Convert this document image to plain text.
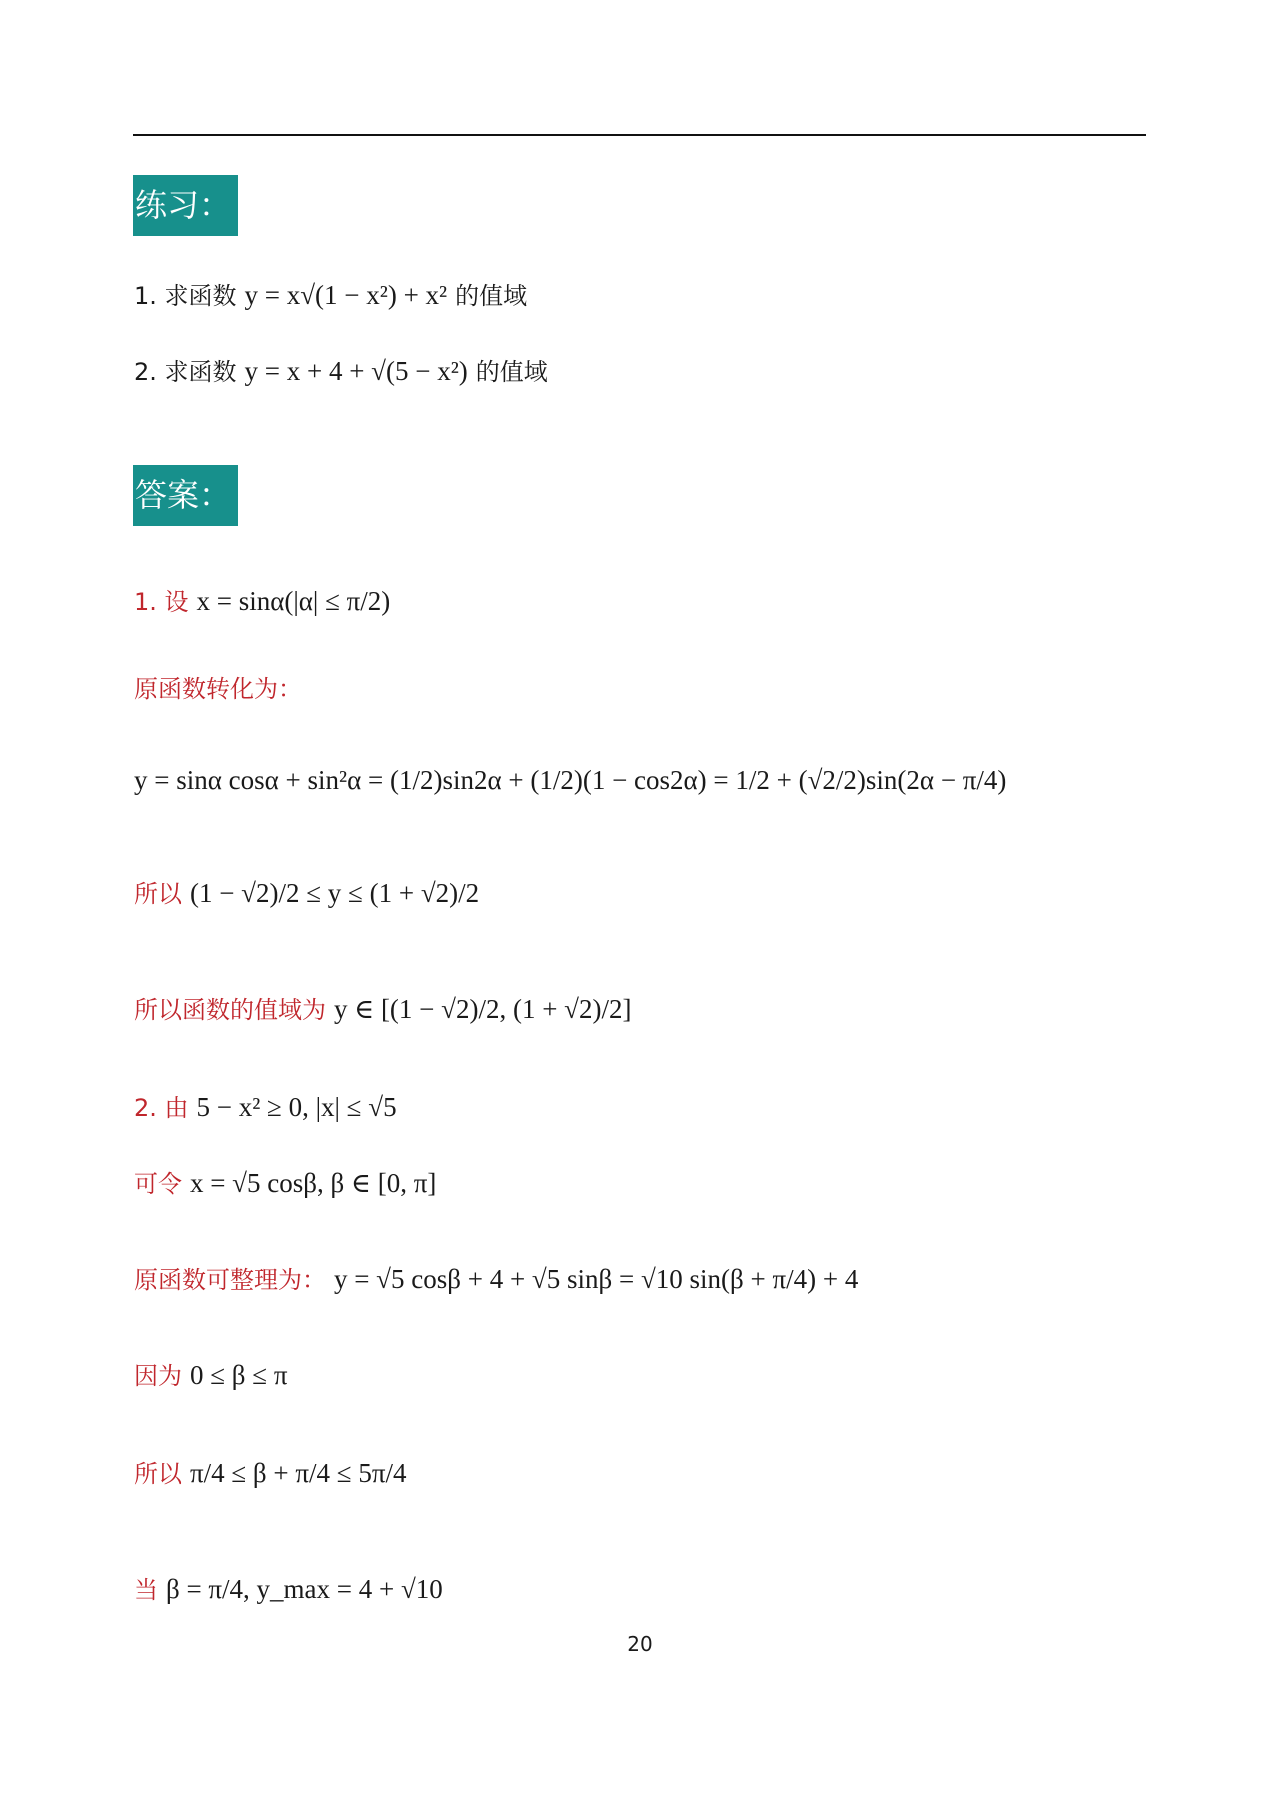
练习：
1. 求函数 y = x√(1 − x²) + x² 的值域
2. 求函数 y = x + 4 + √(5 − x²) 的值域
答案：
1. 设 x = sinα(|α| ≤ π/2)
原函数转化为：
y = sinα cosα + sin²α = (1/2)sin2α + (1/2)(1 − cos2α) = 1/2 + (√2/2)sin(2α − π/4)
所以 (1 − √2)/2 ≤ y ≤ (1 + √2)/2
所以函数的值域为 y ∈ [(1 − √2)/2, (1 + √2)/2]
2. 由 5 − x² ≥ 0, |x| ≤ √5
可令 x = √5 cosβ, β ∈ [0, π]
原函数可整理为： y = √5 cosβ + 4 + √5 sinβ = √10 sin(β + π/4) + 4
因为 0 ≤ β ≤ π
所以 π/4 ≤ β + π/4 ≤ 5π/4
当 β = π/4, y_max = 4 + √10
20
